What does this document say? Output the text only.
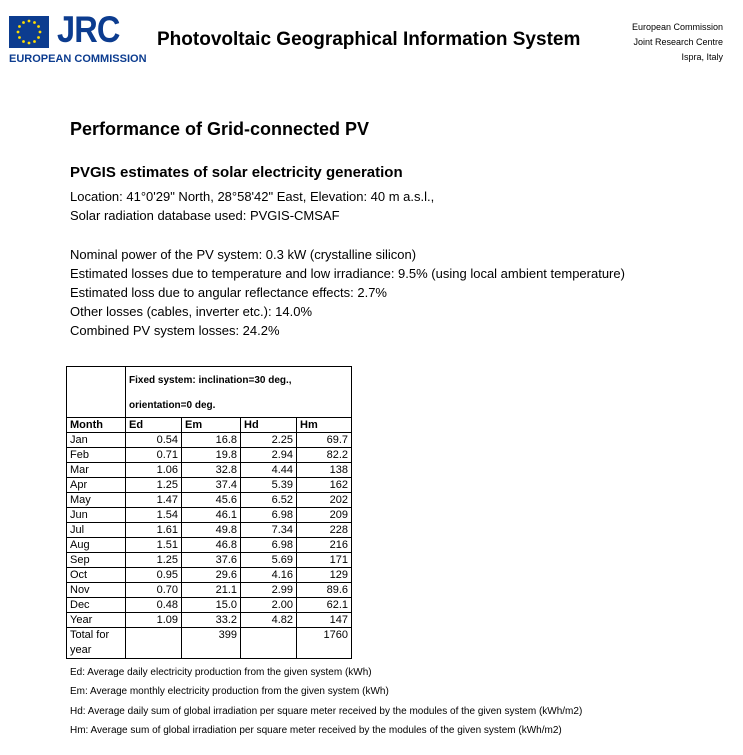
JRC
EUROPEAN COMMISSION
Photovoltaic Geographical Information System
European Commission
Joint Research Centre
Ispra, Italy
Performance of Grid-connected PV
PVGIS estimates of solar electricity generation
Location: 41°0'29" North, 28°58'42" East, Elevation: 40 m a.s.l.,
Solar radiation database used: PVGIS-CMSAF
Nominal power of the PV system: 0.3 kW (crystalline silicon)
Estimated losses due to temperature and low irradiance: 9.5% (using local ambient temperature)
Estimated loss due to angular reflectance effects: 2.7%
Other losses (cables, inverter etc.): 14.0%
Combined PV system losses: 24.2%
	Fixed system: inclination=30 deg.,			
	orientation=0 deg.			
Month	Ed	Em	Hd	Hm
Jan	0.54	16.8	2.25	69.7
Feb	0.71	19.8	2.94	82.2
Mar	1.06	32.8	4.44	138
Apr	1.25	37.4	5.39	162
May	1.47	45.6	6.52	202
Jun	1.54	46.1	6.98	209
Jul	1.61	49.8	7.34	228
Aug	1.51	46.8	6.98	216
Sep	1.25	37.6	5.69	171
Oct	0.95	29.6	4.16	129
Nov	0.70	21.1	2.99	89.6
Dec	0.48	15.0	2.00	62.1
Year	1.09	33.2	4.82	147

Total for
year		399		1760
Ed: Average daily electricity production from the given system (kWh)
Em: Average monthly electricity production from the given system (kWh)
Hd: Average daily sum of global irradiation per square meter received by the modules of the given system (kWh/m2)
Hm: Average sum of global irradiation per square meter received by the modules of the given system (kWh/m2)
